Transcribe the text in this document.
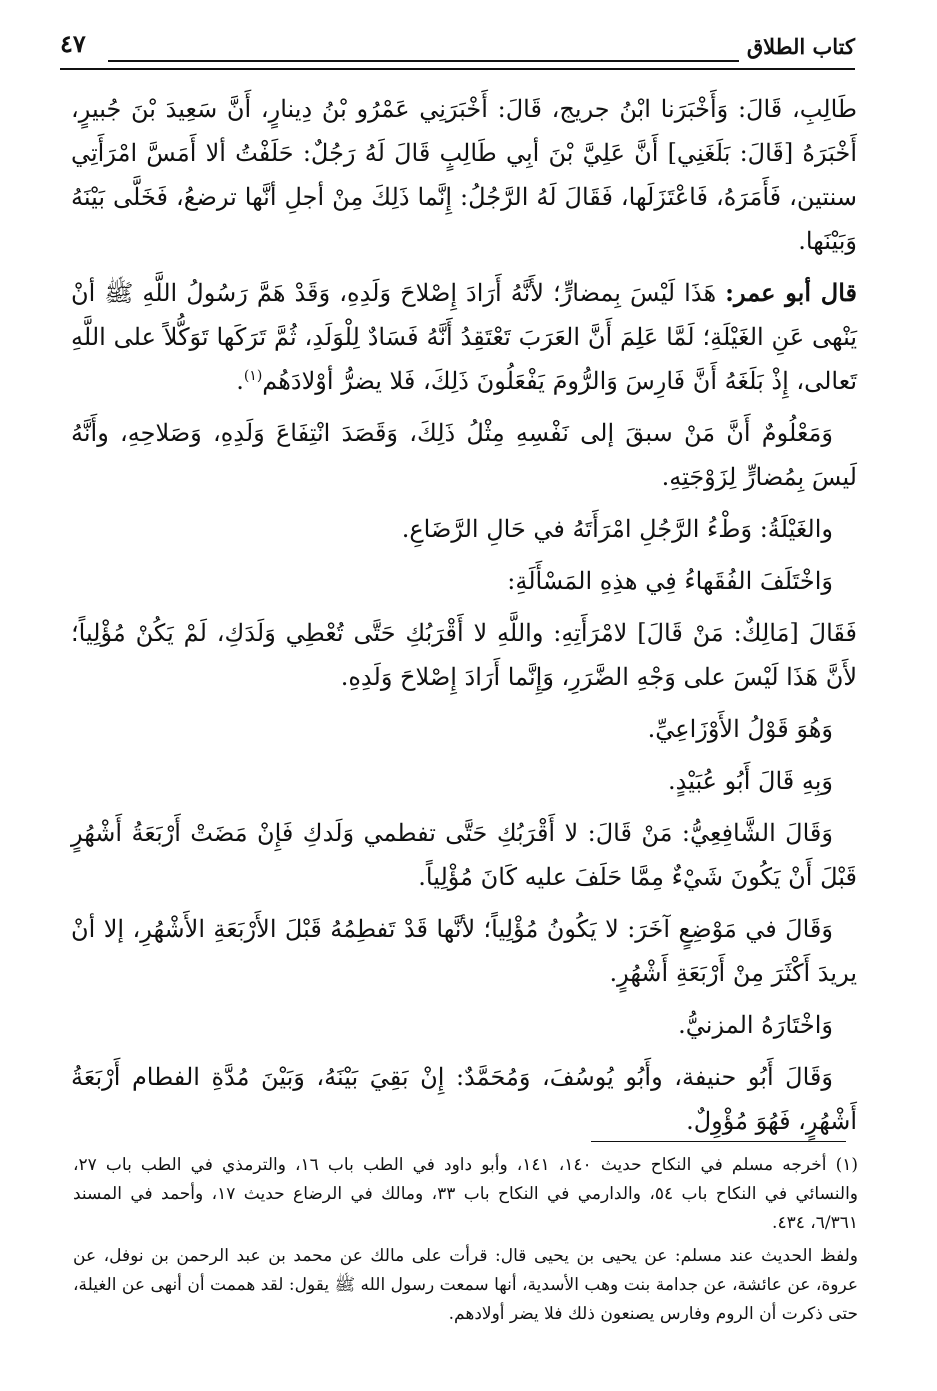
كتاب الطلاق
٤٧

طَالِبِ، قَالَ: وَأَخْبَرَنا ابْنُ جريج، قَالَ: أَخْبَرَنِي عَمْرُو بْنُ دِينارٍ، أَنَّ سَعِيدَ بْنَ جُبيرٍ، أَخْبَرَهُ [قَالَ: بَلَغَنِي] أَنَّ عَلِيَّ بْنَ أبِي طَالِبٍ قَالَ لَهُ رَجُلٌ: حَلَفْتُ ألا أَمَسَّ امْرَأَتِي سنتين، فَأَمَرَهُ، فَاعْتَزَلَها، فَقَالَ لَهُ الرَّجُلُ: إِنَّما ذَلِكَ مِنْ أجلِ أنَّها ترضعُ، فَخَلَّى بَيْنَهُ وَبَيْنَها.

قال أبو عمر: هَذَا لَيْسَ بِمضارٍّ؛ لأَنَّهُ أَرَادَ إِصْلاحَ وَلَدِهِ، وَقَدْ هَمَّ رَسُولُ اللَّهِ ﷺ أنْ يَنْهى عَنِ الغَيْلَةِ؛ لَمَّا عَلِمَ أَنَّ العَرَبَ تَعْتَقِدُ أَنَّهُ فَسَادٌ لِلْوَلَدِ، ثُمَّ تَرَكَها تَوَكُّلاً على اللَّهِ تَعالى، إِذْ بَلَغَهُ أَنَّ فَارِسَ وَالرُّومَ يَفْعَلُونَ ذَلِكَ، فَلا يضرُّ أوْلادَهُم$^{(١)}$.

وَمَعْلُومٌ أَنَّ مَنْ سبقَ إلى نَفْسِهِ مِثْلُ ذَلِكَ، وَقَصَدَ انْتِفَاعَ وَلَدِهِ، وَصَلاحِهِ، وأَنَّهُ لَيسَ بِمُضارٍّ لِزَوْجَتِهِ.

والغَيْلَةُ: وَطْءُ الرَّجُلِ امْرَأَتَهُ في حَالِ الرَّضَاعِ.

وَاخْتَلَفَ الفُقَهاءُ فِي هذِهِ المَسْأَلَةِ:

فَقَالَ [مَالِكٌ: مَنْ قَالَ] لامْرَأَتِهِ: واللَّهِ لا أَقْرَبُكِ حَتَّى تُعْطِي وَلَدَكِ، لَمْ يَكُنْ مُؤْلِياً؛ لأَنَّ هَذَا لَيْسَ على وَجْهِ الضَّرَرِ، وَإِنَّما أَرَادَ إِصْلاحَ وَلَدِهِ.

وَهُوَ قَوْلُ الأَوْزَاعِيِّ.

وَبِهِ قَالَ أَبُو عُبَيْدٍ.

وَقَالَ الشَّافِعِيُّ: مَنْ قَالَ: لا أَقْرَبُكِ حَتَّى تفطمي وَلَدكِ فَإِنْ مَضَتْ أَرْبَعَةُ أَشْهُرٍ قَبْلَ أَنْ يَكُونَ شَيْءٌ مِمَّا حَلَفَ عليه كَانَ مُؤْلِياً.

وَقَالَ في مَوْضِعٍ آخَرَ: لا يَكُونُ مُؤْلِياً؛ لأنَّها قَدْ تَفطِمُهُ قَبْلَ الأَرْبَعَةِ الأَشْهُرِ، إلا أنْ يريدَ أَكْثَرَ مِنْ أَرْبَعَةِ أَشْهُرٍ.

وَاخْتَارَهُ المزنيُّ.

وَقَالَ أَبُو حنيفة، وأَبُو يُوسُفَ، وَمُحَمَّدٌ: إِنْ بَقِيَ بَيْنَهُ، وَبَيْنَ مُدَّةِ الفطام أَرْبَعَةُ أَشْهُرٍ، فَهُوَ مُؤْوِلٌ.

(١) أخرجه مسلم في النكاح حديث ١٤٠، ١٤١، وأبو داود في الطب باب ١٦، والترمذي في الطب باب ٢٧، والنسائي في النكاح باب ٥٤، والدارمي في النكاح باب ٣٣، ومالك في الرضاع حديث ١٧، وأحمد في المسند ٦/٣٦١، ٤٣٤.

ولفظ الحديث عند مسلم: عن يحيى بن يحيى قال: قرأت على مالك عن محمد بن عبد الرحمن بن نوفل، عن عروة، عن عائشة، عن جدامة بنت وهب الأسدية، أنها سمعت رسول الله ﷺ يقول: لقد هممت أن أنهى عن الغيلة، حتى ذكرت أن الروم وفارس يصنعون ذلك فلا يضر أولادهم.
